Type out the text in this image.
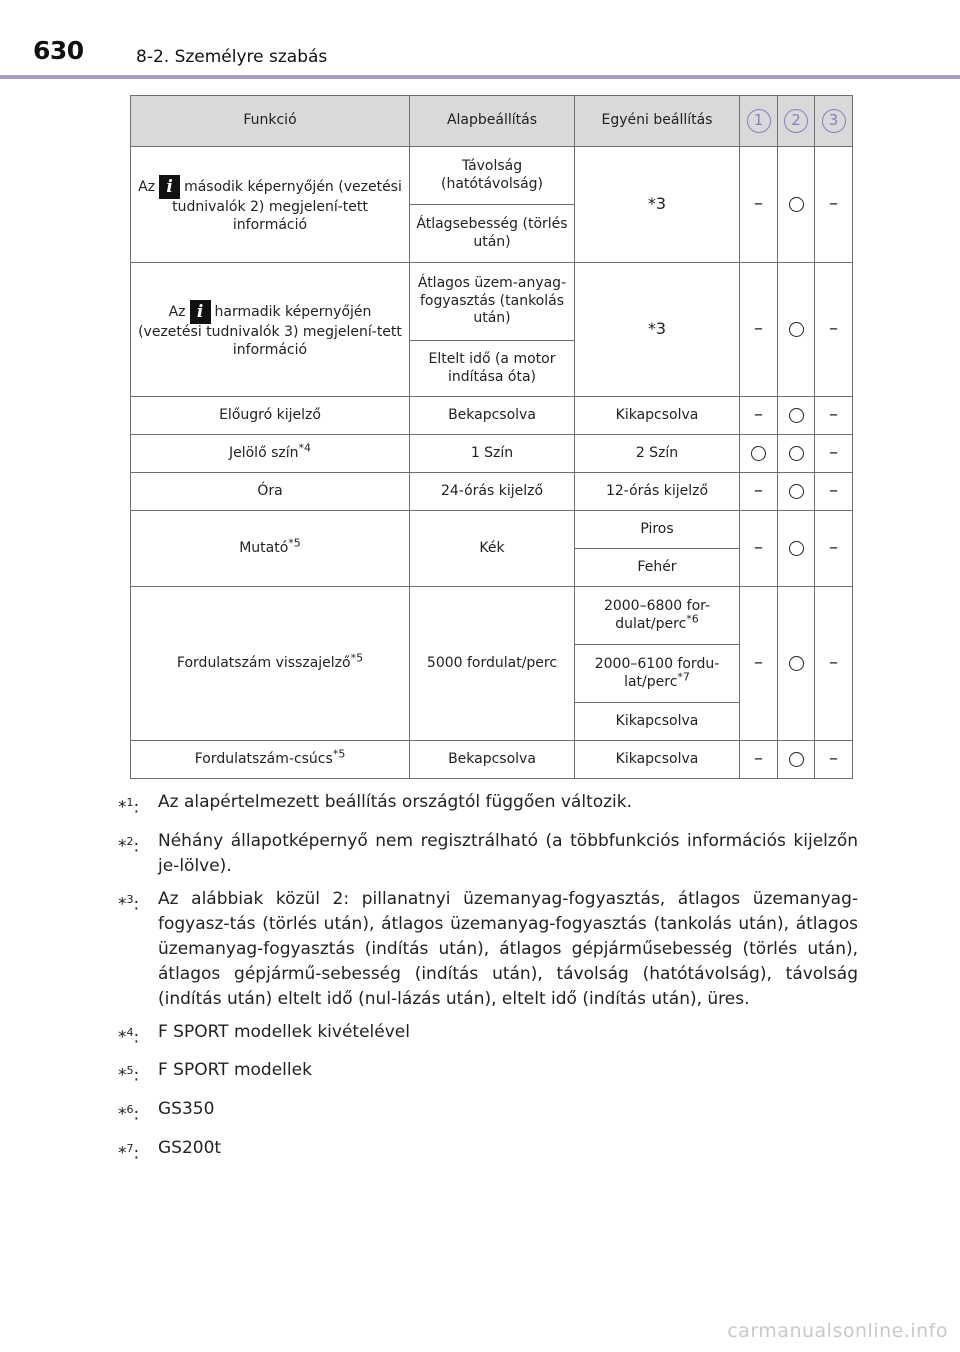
630	8-2. Személyre szabás
Funkció	Alapbeállítás	Egyéni beállítás	1	2	3
Az i második képernyőjén (vezetési tudnivalók 2) megjelení-tett információ	Távolság (hatótávolság)	*3	–		–
	Átlagsebesség (törlés után)				
Az i harmadik képernyőjén (vezetési tudnivalók 3) megjelení-tett információ	Átlagos üzem-anyag-fogyasztás (tankolás után)	*3	–		–
	Eltelt idő (a motor indítása óta)				
Előugró kijelző	Bekapcsolva	Kikapcsolva	–		–
Jelölő szín$^{*4}$	1 Szín	2 Szín			–
Óra	24-órás kijelző	12-órás kijelző	–		–
Mutató$^{*5}$	Kék	Piros	–		–
		Fehér			
Fordulatszám visszajelző$^{*5}$	5000 fordulat/perc	2000–6800 for-dulat/perc$^{*6}$	–		–
		2000–6100 fordu-lat/perc$^{*7}$
		Kikapcsolva			
Fordulatszám-csúcs$^{*5}$	Bekapcsolva	Kikapcsolva	–		–
*$^1$:	Az alapértelmezett beállítás országtól függően változik.
*$^2$:	Néhány állapotképernyő nem regisztrálható (a többfunkciós információs kijelzőn je-lölve).
*$^3$:	Az alábbiak közül 2: pillanatnyi üzemanyag-fogyasztás, átlagos üzemanyag-fogyasz-tás (törlés után), átlagos üzemanyag-fogyasztás (tankolás után), átlagos üzemanyag-fogyasztás (indítás után), átlagos gépjárműsebesség (törlés után), átlagos gépjármű-sebesség (indítás után), távolság (hatótávolság), távolság (indítás után) eltelt idő (nul-lázás után), eltelt idő (indítás után), üres.
*$^4$:	F SPORT modellek kivételével
*$^5$:	F SPORT modellek
*$^6$:	GS350
*$^7$:	GS200t
carmanualsonline.info
